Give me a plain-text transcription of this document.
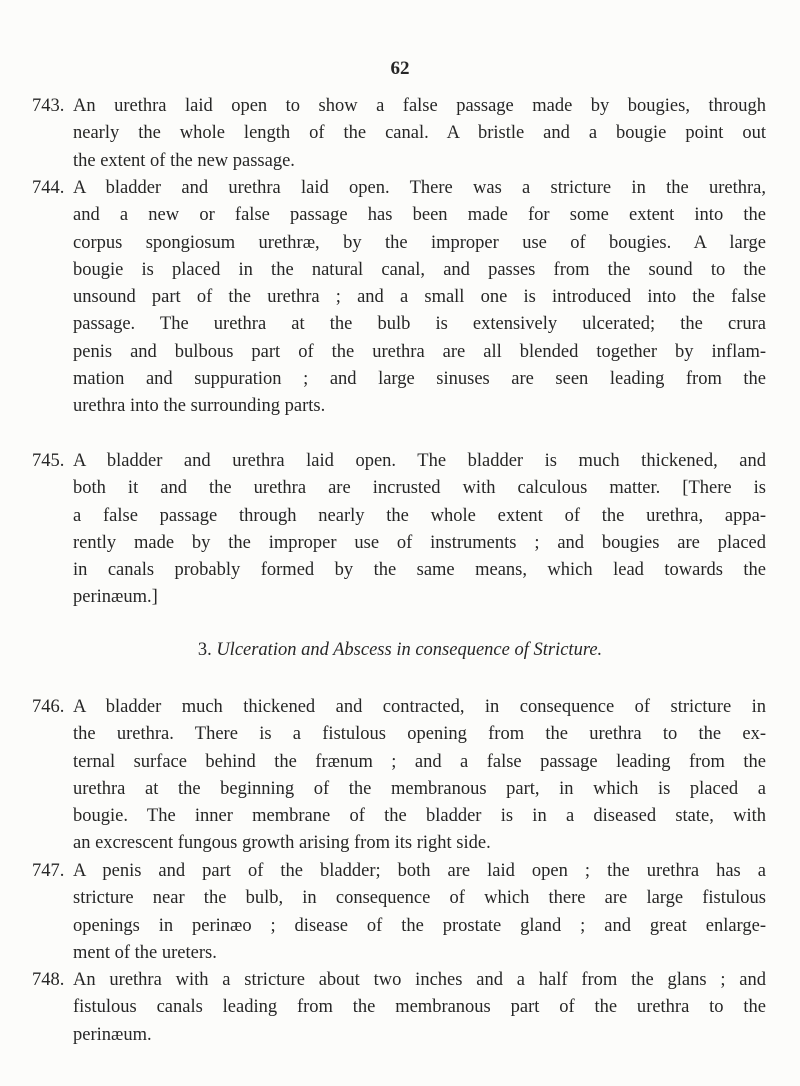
62
743. An urethra laid open to show a false passage made by bougies, through
nearly the whole length of the canal. A bristle and a bougie point out
the extent of the new passage.
744. A bladder and urethra laid open. There was a stricture in the urethra,
and a new or false passage has been made for some extent into the
corpus spongiosum urethræ, by the improper use of bougies. A large
bougie is placed in the natural canal, and passes from the sound to the
unsound part of the urethra ; and a small one is introduced into the false
passage. The urethra at the bulb is extensively ulcerated; the crura
penis and bulbous part of the urethra are all blended together by inflam-
mation and suppuration ; and large sinuses are seen leading from the
urethra into the surrounding parts.
745. A bladder and urethra laid open. The bladder is much thickened, and
both it and the urethra are incrusted with calculous matter. [There is
a false passage through nearly the whole extent of the urethra, appa-
rently made by the improper use of instruments ; and bougies are placed
in canals probably formed by the same means, which lead towards the
perinæum.]
3. Ulceration and Abscess in consequence of Stricture.
746. A bladder much thickened and contracted, in consequence of stricture in
the urethra. There is a fistulous opening from the urethra to the ex-
ternal surface behind the frænum ; and a false passage leading from the
urethra at the beginning of the membranous part, in which is placed a
bougie. The inner membrane of the bladder is in a diseased state, with
an excrescent fungous growth arising from its right side.
747. A penis and part of the bladder; both are laid open ; the urethra has a
stricture near the bulb, in consequence of which there are large fistulous
openings in perinæo ; disease of the prostate gland ; and great enlarge-
ment of the ureters.
748. An urethra with a stricture about two inches and a half from the glans ; and
fistulous canals leading from the membranous part of the urethra to the
perinæum.
